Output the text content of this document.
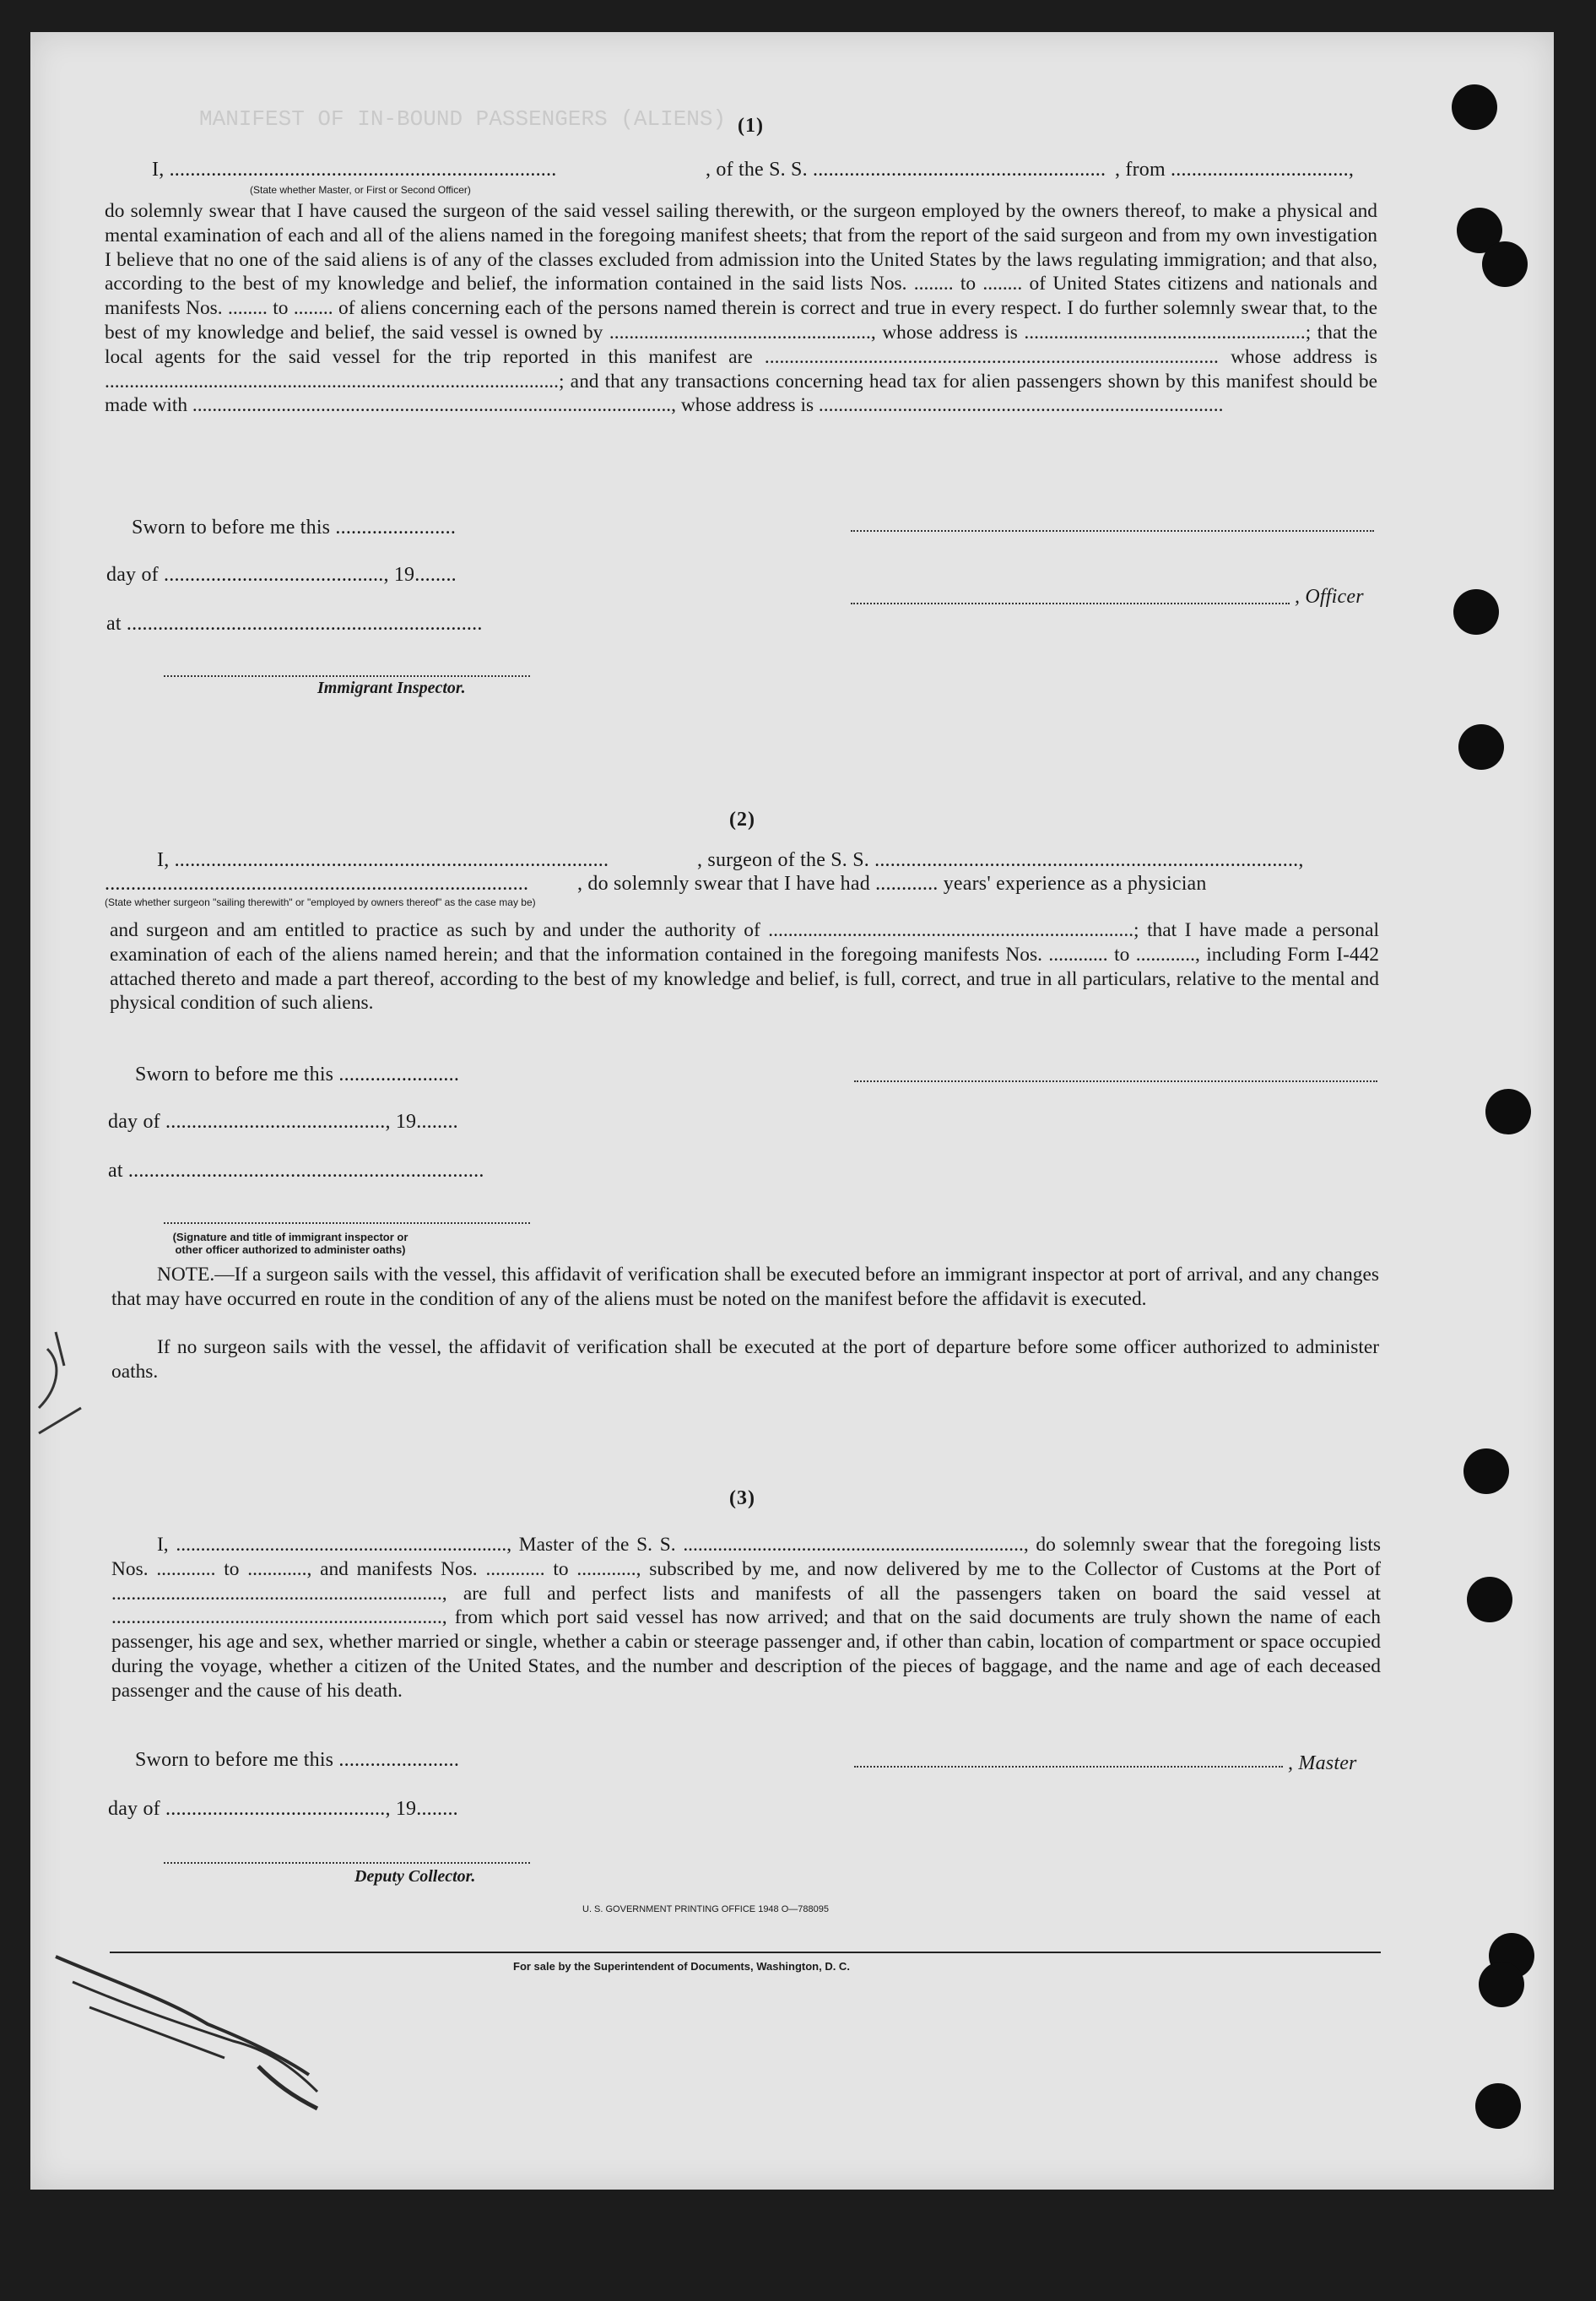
MANIFEST OF IN-BOUND PASSENGERS (ALIENS) (1)
I, ..........................................................................	, of the S. S. ........................................................ , from ..................................,
(State whether Master, or First or Second Officer)
do solemnly swear that I have caused the surgeon of the said vessel sailing therewith, or the surgeon employed by the owners thereof, to make a physical and mental examination of each and all of the aliens named in the foregoing manifest sheets; that from the report of the said surgeon and from my own investigation I believe that no one of the said aliens is of any of the classes excluded from admission into the United States by the laws regulating immigration; and that also, according to the best of my knowledge and belief, the information contained in the said lists Nos. ........ to ........ of United States citizens and nationals and manifests Nos. ........ to ........ of aliens concerning each of the persons named therein is correct and true in every respect. I do further solemnly swear that, to the best of my knowledge and belief, the said vessel is owned by ....................................................., whose address is .........................................................; that the local agents for the said vessel for the trip reported in this manifest are ............................................................................................ whose address is ............................................................................................; and that any transactions concerning head tax for alien passengers shown by this manifest should be made with ................................................................................................., whose address is ..................................................................................
Sworn to before me this .......................
day of .........................................., 19........
, Officer
at ....................................................................
Immigrant Inspector.
(2)
I, ...................................................................................	, surgeon of the S. S. .................................................................................,
................................................................................. , do solemnly swear that I have had ............ years' experience as a physician
(State whether surgeon "sailing therewith" or "employed by owners thereof" as the case may be)
and surgeon and am entitled to practice as such by and under the authority of ..........................................................................; that I have made a personal examination of each of the aliens named herein; and that the information contained in the foregoing manifests Nos. ............ to ............, including Form I-442 attached thereto and made a part thereof, according to the best of my knowledge and belief, is full, correct, and true in all particulars, relative to the mental and physical condition of such aliens.
Sworn to before me this .......................
day of .........................................., 19........
at ....................................................................
(Signature and title of immigrant inspector or other officer authorized to administer oaths)
NOTE.—If a surgeon sails with the vessel, this affidavit of verification shall be executed before an immigrant inspector at port of arrival, and any changes that may have occurred en route in the condition of any of the aliens must be noted on the manifest before the affidavit is executed.
If no surgeon sails with the vessel, the affidavit of verification shall be executed at the port of departure before some officer authorized to administer oaths.
(3)
I, ..................................................................., Master of the S. S. ....................................................................., do solemnly swear that the foregoing lists Nos. ............ to ............, and manifests Nos. ............ to ............, subscribed by me, and now delivered by me to the Collector of Customs at the Port of ..................................................................., are full and perfect lists and manifests of all the passengers taken on board the said vessel at ..................................................................., from which port said vessel has now arrived; and that on the said documents are truly shown the name of each passenger, his age and sex, whether married or single, whether a cabin or steerage passenger and, if other than cabin, location of compartment or space occupied during the voyage, whether a citizen of the United States, and the number and description of the pieces of baggage, and the name and age of each deceased passenger and the cause of his death.
Sworn to before me this .......................	, Master
day of .........................................., 19........
Deputy Collector.
U. S. GOVERNMENT PRINTING OFFICE 1948 O—788095
For sale by the Superintendent of Documents, Washington, D. C.
